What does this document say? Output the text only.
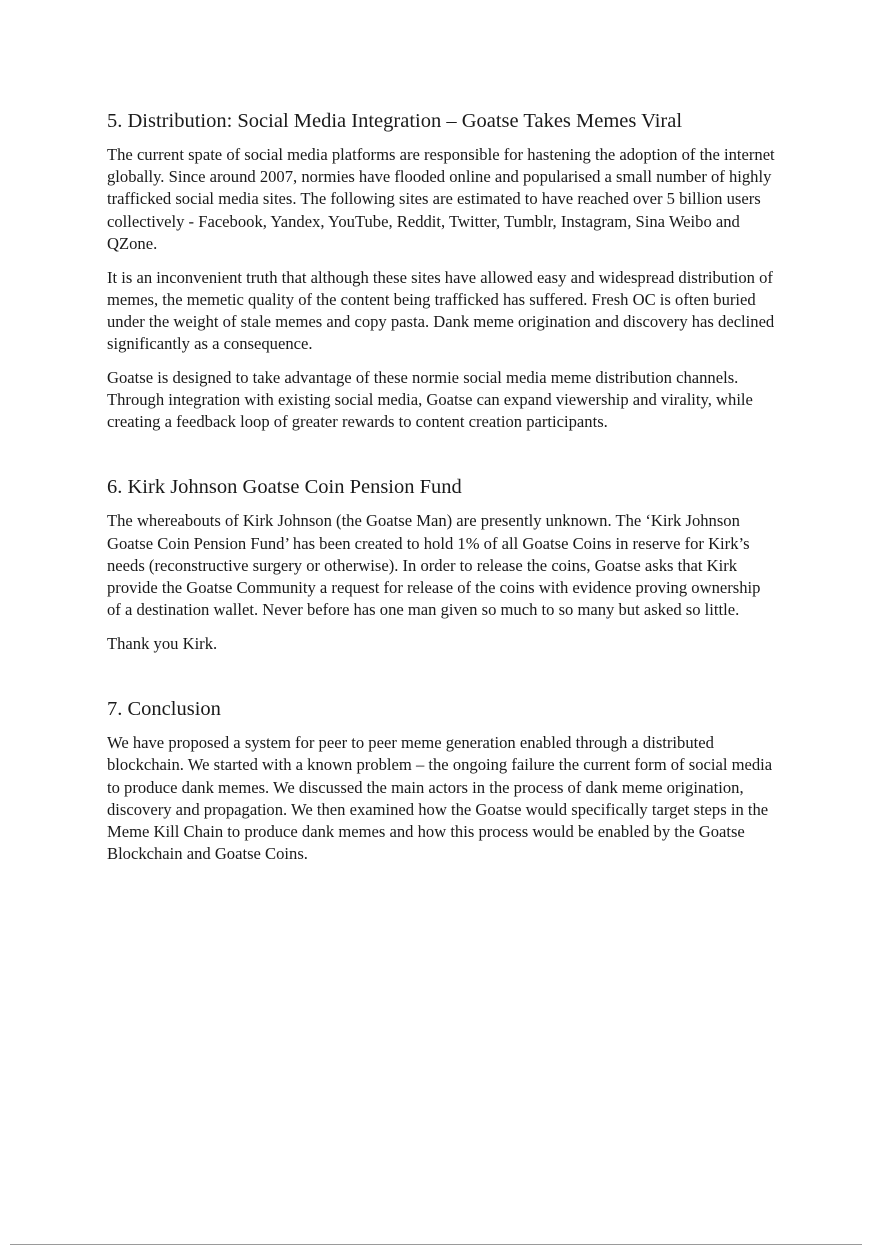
5. Distribution: Social Media Integration – Goatse Takes Memes Viral

The current spate of social media platforms are responsible for hastening the adoption of the internet globally. Since around 2007, normies have flooded online and popularised a small number of highly trafficked social media sites. The following sites are estimated to have reached over 5 billion users collectively - Facebook, Yandex, YouTube, Reddit, Twitter, Tumblr, Instagram, Sina Weibo and QZone.

It is an inconvenient truth that although these sites have allowed easy and widespread distribution of memes, the memetic quality of the content being trafficked has suffered. Fresh OC is often buried under the weight of stale memes and copy pasta. Dank meme origination and discovery has declined significantly as a consequence.

Goatse is designed to take advantage of these normie social media meme distribution channels. Through integration with existing social media, Goatse can expand viewership and virality, while creating a feedback loop of greater rewards to content creation participants.

6. Kirk Johnson Goatse Coin Pension Fund

The whereabouts of Kirk Johnson (the Goatse Man) are presently unknown. The ‘Kirk Johnson Goatse Coin Pension Fund’ has been created to hold 1% of all Goatse Coins in reserve for Kirk’s needs (reconstructive surgery or otherwise). In order to release the coins, Goatse asks that Kirk provide the Goatse Community a request for release of the coins with evidence proving ownership of a destination wallet. Never before has one man given so much to so many but asked so little.

Thank you Kirk.

7. Conclusion

We have proposed a system for peer to peer meme generation enabled through a distributed blockchain. We started with a known problem – the ongoing failure the current form of social media to produce dank memes. We discussed the main actors in the process of dank meme origination, discovery and propagation. We then examined how the Goatse would specifically target steps in the Meme Kill Chain to produce dank memes and how this process would be enabled by the Goatse Blockchain and Goatse Coins.
